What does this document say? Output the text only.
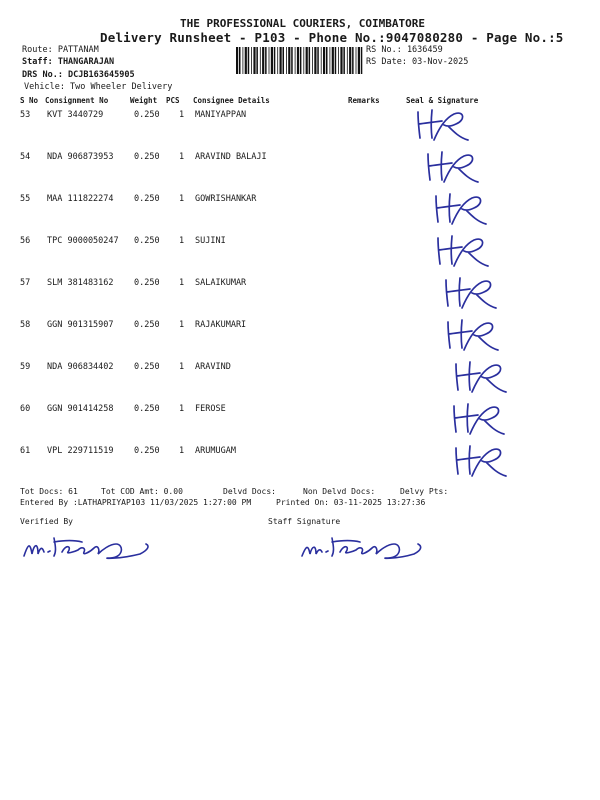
THE PROFESSIONAL COURIERS, COIMBATORE
Delivery Runsheet - P103 - Phone No.:9047080280 - Page No.:5
Route: PATTANAM
Staff: THANGARAJAN
DRS No.: DCJB163645905
Vehicle: Two Wheeler Delivery
RS No.: 1636459
RS Date: 03-Nov-2025
S No Consignment No	Weight PCS Consignee Details	Remarks	Seal & Signature
53 KVT 3440729	0.250 1 MANIYAPPAN
54 NDA 906873953 0.250 1 ARAVIND BALAJI
55 MAA 111822274 0.250 1 GOWRISHANKAR
56 TPC 9000050247 0.250 1 SUJINI
57 SLM 381483162 0.250 1 SALAIKUMAR
58 GGN 901315907 0.250 1 RAJAKUMARI
59 NDA 906834402 0.250 1 ARAVIND
60 GGN 901414258 0.250 1 FEROSE
61 VPL 229711519 0.250 1 ARUMUGAM
Tot Docs: 61	Tot COD Amt: 0.00	Delvd Docs:	Non Delvd Docs:	Delvy Pts:
Entered By :LATHAPRIYAP103 11/03/2025 1:27:00 PM	Printed On: 03-11-2025 13:27:36
Verified By	Staff Signature
